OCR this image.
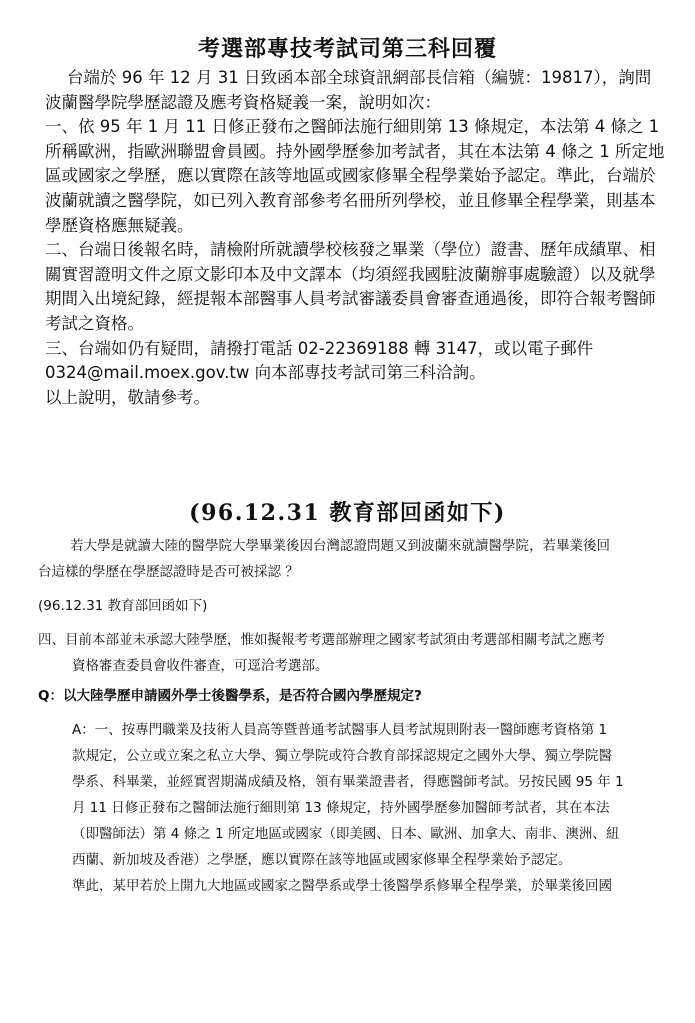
考選部專技考試司第三科回覆

台端於 96 年 12 月 31 日致函本部全球資訊網部長信箱（編號：19817），詢問波蘭醫學院學歷認證及應考資格疑義一案，說明如次：

一、依 95 年 1 月 11 日修正發布之醫師法施行細則第 13 條規定，本法第 4 條之 1 所稱歐洲，指歐洲聯盟會員國。持外國學歷參加考試者，其在本法第 4 條之 1 所定地區或國家之學歷，應以實際在該等地區或國家修畢全程學業始予認定。準此，台端於波蘭就讀之醫學院，如已列入教育部參考名冊所列學校，並且修畢全程學業，則基本學歷資格應無疑義。

二、台端日後報名時，請檢附所就讀學校核發之畢業（學位）證書、歷年成績單、相關實習證明文件之原文影印本及中文譯本（均須經我國駐波蘭辦事處驗證）以及就學期間入出境紀錄，經提報本部醫事人員考試審議委員會審查通過後，即符合報考醫師考試之資格。

三、台端如仍有疑問，請撥打電話 02-22369188 轉 3147，或以電子郵件 0324@mail.moex.gov.tw 向本部專技考試司第三科洽詢。

以上說明，敬請參考。

(96.12.31 教育部回函如下)

若大學是就讀大陸的醫學院大學畢業後因台灣認證問題又到波蘭來就讀醫學院，若畢業後回

台這樣的學歷在學歷認證時是否可被採認 ？

(96.12.31 教育部回函如下)

四、目前本部並未承認大陸學歷，惟如擬報考考選部辦理之國家考試須由考選部相關考試之應考

資格審查委員會收件審查，可逕洽考選部。

Q：以大陸學歷申請國外學士後醫學系，是否符合國內學歷規定?

A：一、按專門職業及技術人員高等暨普通考試醫事人員考試規則附表一醫師應考資格第 1

款規定，公立或立案之私立大學、獨立學院或符合教育部採認規定之國外大學、獨立學院醫

學系、科畢業，並經實習期滿成績及格，領有畢業證書者，得應醫師考試。另按民國 95 年 1

月 11 日修正發布之醫師法施行細則第 13 條規定，持外國學歷參加醫師考試者，其在本法

（即醫師法）第 4 條之 1 所定地區或國家（即美國、日本、歐洲、加拿大、南非、澳洲、紐

西蘭、新加坡及香港）之學歷，應以實際在該等地區或國家修畢全程學業始予認定。

準此，某甲若於上開九大地區或國家之醫學系或學士後醫學系修畢全程學業，於畢業後回國
